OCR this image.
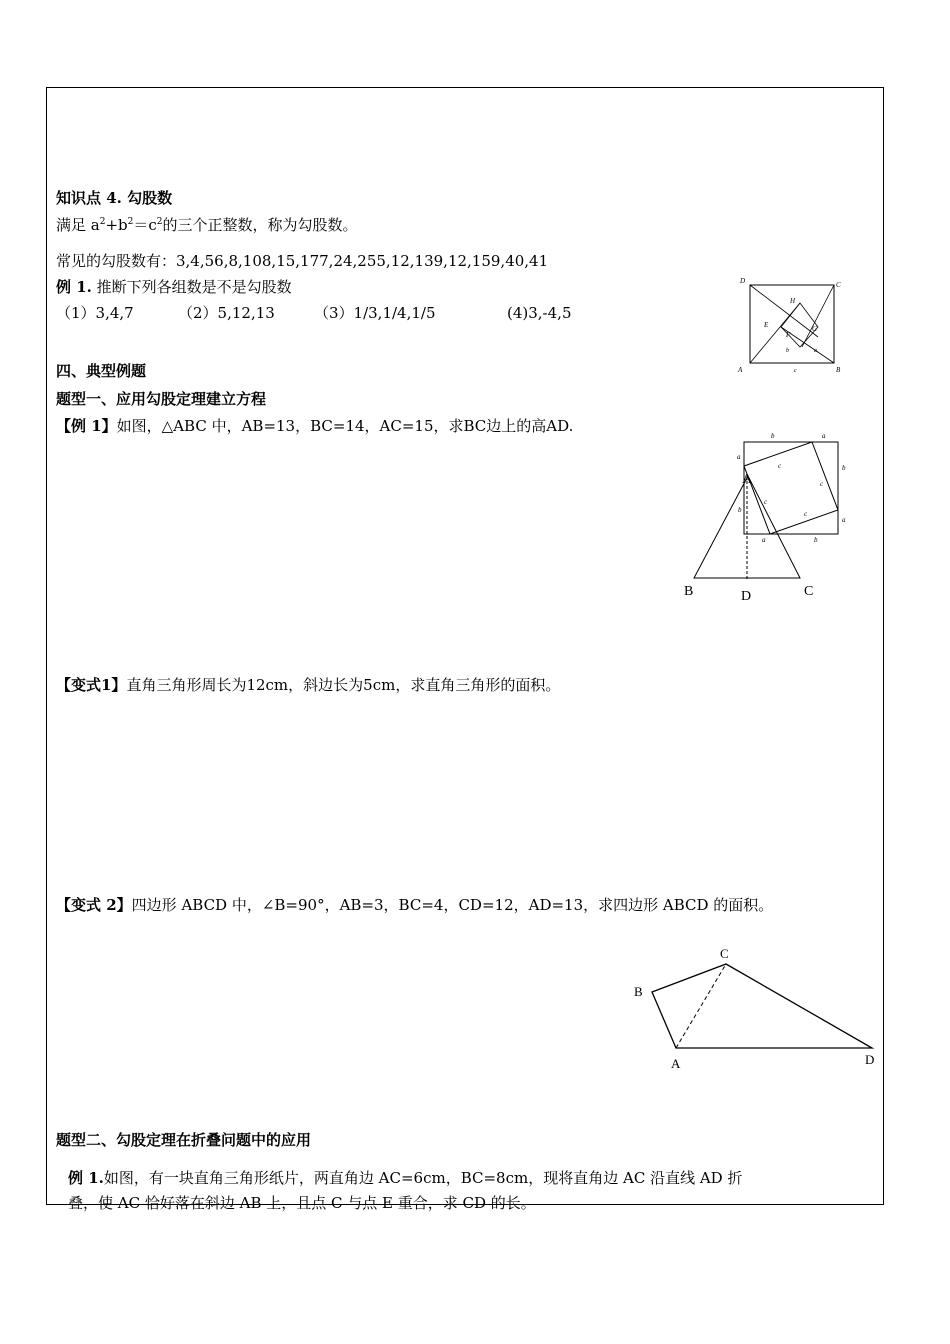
知识点 4. 勾股数
满足 $a^2+b^2=c^2$的三个正整数，称为勾股数。
常见的勾股数有：3,4,56,8,108,15,177,24,255,12,139,12,159,40,41
例 1. 推断下列各组数是不是勾股数
（1）3,4,7	（2）5,12,13	（3）1/3,1/4,1/5	(4)3,-4,5
四、典型例题
题型一、应用勾股定理建立方程
【例 1】如图，△ABC 中，AB=13，BC=14，AC=15，求BC边上的高AD.
【变式1】直角三角形周长为12cm，斜边长为5cm，求直角三角形的面积。
【变式 2】四边形 ABCD 中，∠B=90°，AB=3，BC=4，CD=12，AD=13，求四边形 ABCD 的面积。
题型二、勾股定理在折叠问题中的应用
例 1.如图，有一块直角三角形纸片，两直角边 AC=6cm，BC=8cm，现将直角边 AC 沿直线 AD 折
叠，使 AC 恰好落在斜边 AB 上，且点 C 与点 E 重合，求 CD 的长。
D	C
A	B
H
E
F
G
b	a
c
b	a
a
b
a
b
a
b
c
c
c
c
A
B	C
D
B
C
A	D
